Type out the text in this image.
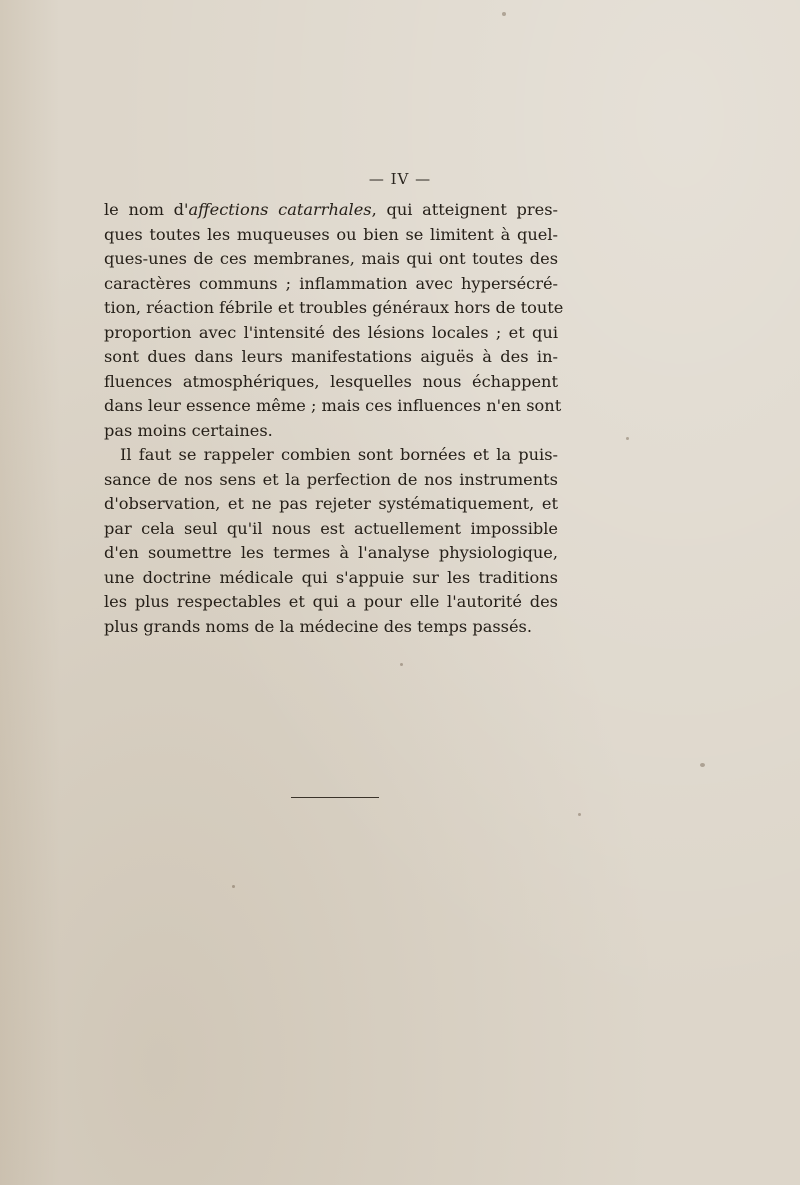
— IV —
le nom d'affections catarrhales, qui atteignent pres-
ques toutes les muqueuses ou bien se limitent à quel-
ques-unes de ces membranes, mais qui ont toutes des
caractères communs ; inflammation avec hypersécré-
tion, réaction fébrile et troubles généraux hors de toute
proportion avec l'intensité des lésions locales ; et qui
sont dues dans leurs manifestations aiguës à des in-
fluences atmosphériques, lesquelles nous échappent
dans leur essence même ; mais ces influences n'en sont
pas moins certaines.
Il faut se rappeler combien sont bornées et la puis-
sance de nos sens et la perfection de nos instruments
d'observation, et ne pas rejeter systématiquement, et
par cela seul qu'il nous est actuellement impossible
d'en soumettre les termes à l'analyse physiologique,
une doctrine médicale qui s'appuie sur les traditions
les plus respectables et qui a pour elle l'autorité des
plus grands noms de la médecine des temps passés.
